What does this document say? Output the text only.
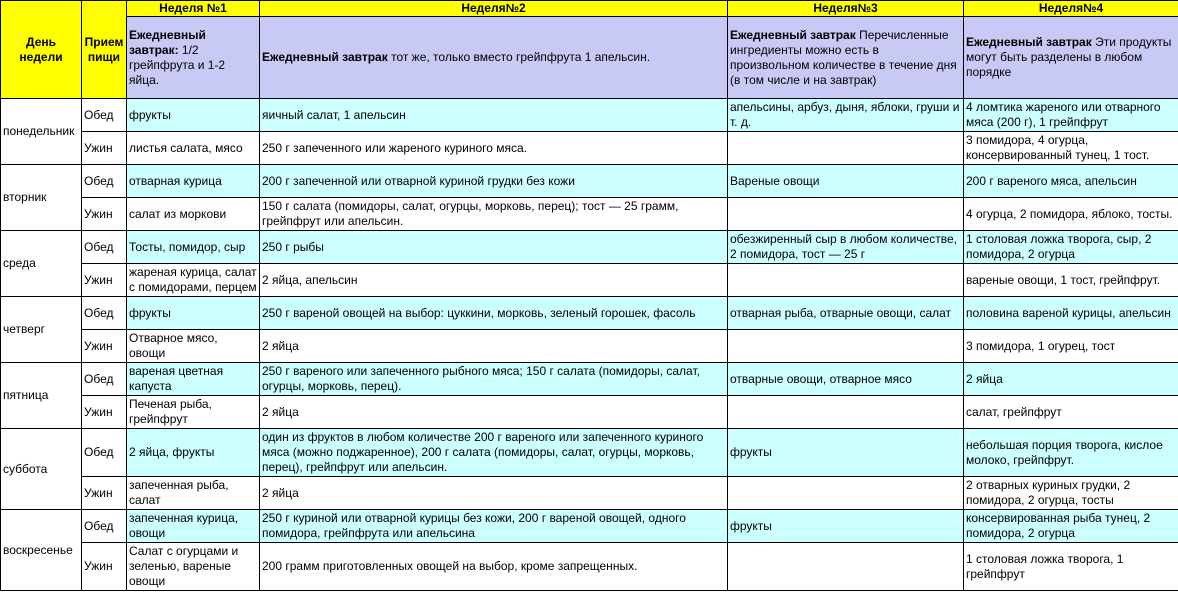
День недели	Прием пищи	Неделя №1	Неделя№2	Неделя№3	Неделя№4
		Ежедневный завтрак: 1/2 грейпфрута и 1-2 яйца.	Ежедневный завтрак тот же, только вместо грейпфрута 1 апельсин.	Ежедневный завтрак Перечисленные ингредиенты можно есть в произвольном количестве в течение дня (в том числе и на завтрак)	Ежедневный завтрак Эти продукты могут быть разделены в любом порядке
понедельник	Обед	фрукты	яичный салат, 1 апельсин	апельсины, арбуз, дыня, яблоки, груши и т. д.	4 ломтика жареного или отварного мяса (200 г), 1 грейпфрут
	Ужин	листья салата, мясо	250 г запеченного или жареного куриного мяса.		3 помидора, 4 огурца, консервированный тунец, 1 тост.
вторник	Обед	отварная курица	200 г запеченной или отварной куриной грудки без кожи	Вареные овощи	200 г вареного мяса, апельсин
	Ужин	салат из моркови	150 г салата (помидоры, салат, огурцы, морковь, перец); тост — 25 грамм, грейпфрут или апельсин.		4 огурца, 2 помидора, яблоко, тосты.
среда	Обед	Тосты, помидор, сыр	250 г рыбы	обезжиренный сыр в любом количестве, 2 помидора, тост — 25 г	1 столовая ложка творога, сыр, 2 помидора, 2 огурца
	Ужин	жареная курица, салат с помидорами, перцем	2 яйца, апельсин		вареные овощи, 1 тост, грейпфрут.
четверг	Обед	фрукты	250 г вареной овощей на выбор: цуккини, морковь, зеленый горошек, фасоль	отварная рыба, отварные овощи, салат	половина вареной курицы, апельсин
	Ужин	Отварное мясо, овощи	2 яйца		3 помидора, 1 огурец, тост
пятница	Обед	вареная цветная капуста	250 г вареного или запеченного рыбного мяса; 150 г салата (помидоры, салат, огурцы, морковь, перец).	отварные овощи, отварное мясо	2 яйца
	Ужин	Печеная рыба, грейпфрут	2 яйца		салат, грейпфрут
суббота	Обед	2 яйца, фрукты	один из фруктов в любом количестве 200 г вареного или запеченного куриного мяса (можно поджаренное), 200 г салата (помидоры, салат, огурцы, морковь, перец), грейпфрут или апельсин.	фрукты	небольшая порция творога, кислое молоко, грейпфрут.
	Ужин	запеченная рыба, салат	2 яйца		2 отварных куриных грудки, 2 помидора, 2 огурца, тосты
воскресенье	Обед	запеченная курица, овощи	250 г куриной или отварной курицы без кожи, 200 г вареной овощей, одного помидора, грейпфрута или апельсина	фрукты	консервированная рыба тунец, 2 помидора, 2 огурца
	Ужин	Салат с огурцами и зеленью, вареные овощи	200 грамм приготовленных овощей на выбор, кроме запрещенных.		1 столовая ложка творога, 1 грейпфрут
